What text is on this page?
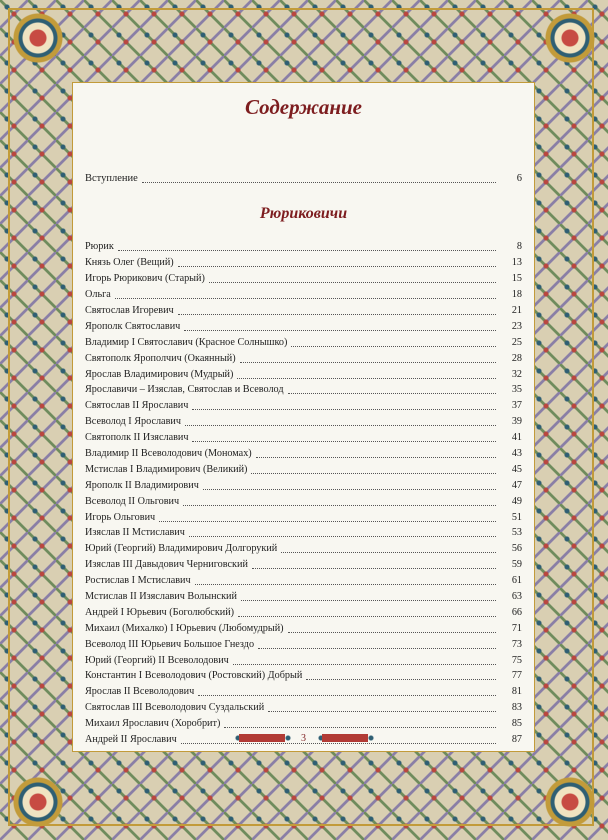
Содержание
Вступление	6
Рюриковичи
Рюрик	8
Князь Олег (Вещий)	13
Игорь Рюрикович (Старый)	15
Ольга	18
Святослав Игоревич	21
Ярополк Святославич	23
Владимир I Святославич (Красное Солнышко)	25
Святополк Ярополчич (Окаянный)	28
Ярослав Владимирович (Мудрый)	32
Ярославичи – Изяслав, Святослав и Всеволод	35
Святослав II Ярославич	37
Всеволод I Ярославич	39
Святополк II Изяславич	41
Владимир II Всеволодович (Мономах)	43
Мстислав I Владимирович (Великий)	45
Ярополк II Владимирович	47
Всеволод II Ольгович	49
Игорь Ольгович	51
Изяслав II Мстиславич	53
Юрий (Георгий) Владимирович Долгорукий	56
Изяслав III Давыдович Черниговский	59
Ростислав I Мстиславич	61
Мстислав II Изяславич Волынский	63
Андрей I Юрьевич (Боголюбский)	66
Михаил (Михалко) I Юрьевич (Любомудрый)	71
Всеволод III Юрьевич Большое Гнездо	73
Юрий (Георгий) II Всеволодович	75
Константин I Всеволодович (Ростовский) Добрый	77
Ярослав II Всеволодович	81
Святослав III Всеволодович Суздальский	83
Михаил Ярославич (Хоробрит)	85
Андрей II Ярославич	87
3
